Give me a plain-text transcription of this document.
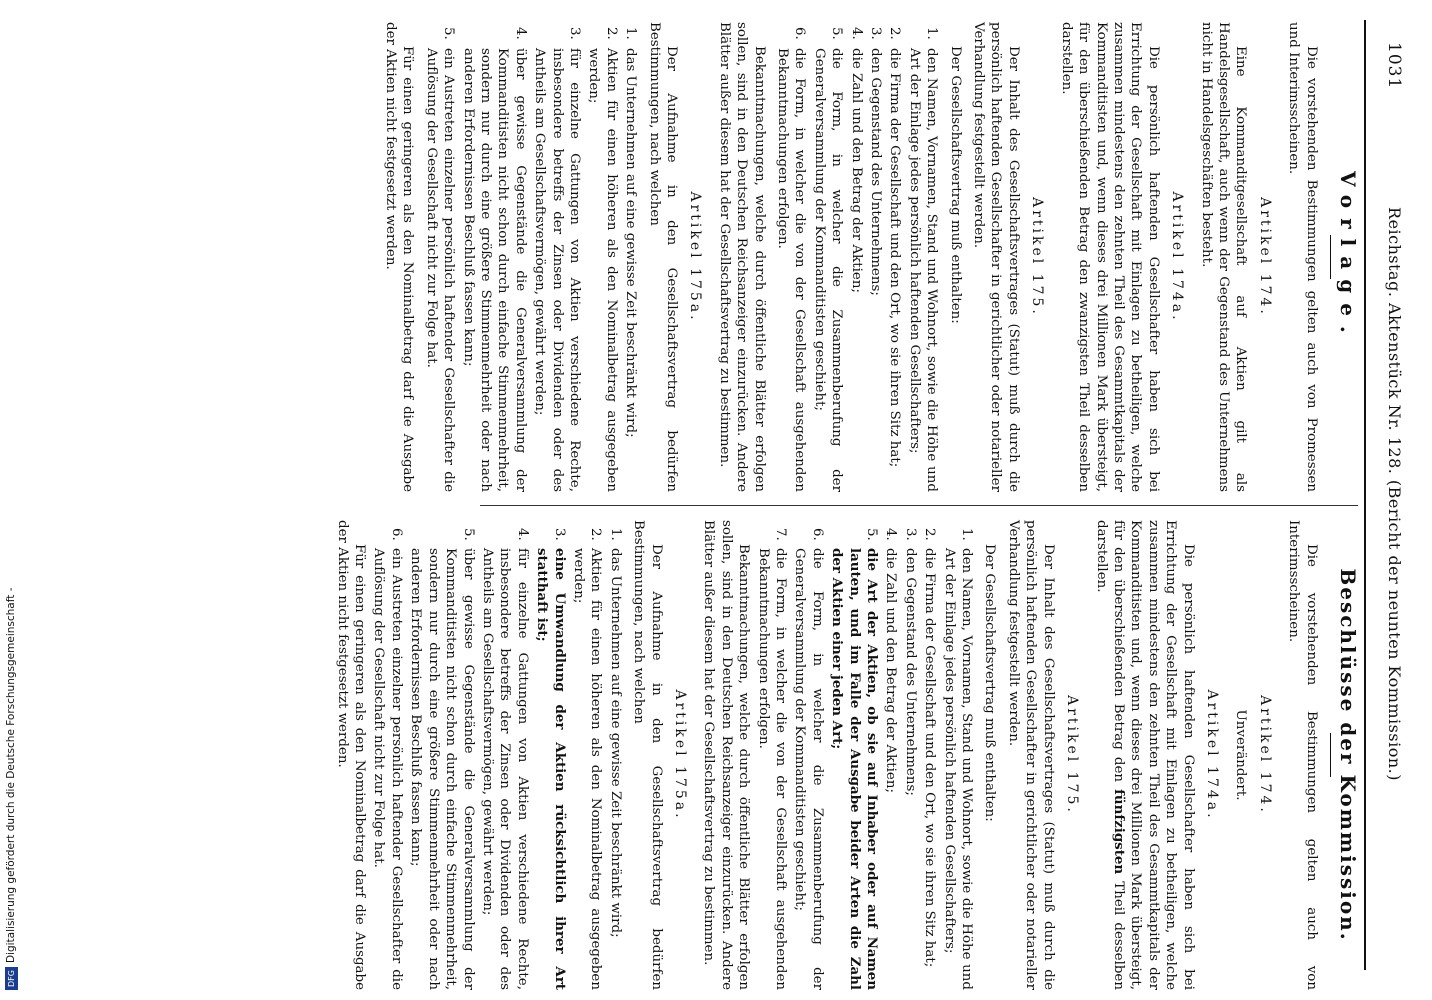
1031
Reichstag. Aktenstück Nr. 128. (Bericht der neunten Kommission.)
Vorlage.

Die vorstehenden Bestimmungen gelten auch von Promessen und Interimsscheinen.

Artikel 174.

Eine Kommanditgesellschaft auf Aktien gilt als Handelsgesellschaft, auch wenn der Gegenstand des Unternehmens nicht in Handelsgeschäften besteht.

Artikel 174a.

Die persönlich haftenden Gesellschafter haben sich bei Errichtung der Gesellschaft mit Einlagen zu betheiligen, welche zusammen mindestens den zehnten Theil des Gesammtkapitals der Kommanditisten und, wenn dieses drei Millionen Mark übersteigt, für den überschießenden Betrag den zwanzigsten Theil desselben darstellen.

Artikel 175.

Der Inhalt des Gesellschaftsvertrages (Statut) muß durch die persönlich haftenden Gesellschafter in gerichtlicher oder notarieller Verhandlung festgestellt werden.

Der Gesellschaftsvertrag muß enthalten:

1. den Namen, Vornamen, Stand und Wohnort, sowie die Höhe und Art der Einlage jedes persönlich haftenden Gesellschafters;
2. die Firma der Gesellschaft und den Ort, wo sie ihren Sitz hat;
3. den Gegenstand des Unternehmens;
4. die Zahl und den Betrag der Aktien;
5. die Form, in welcher die Zusammenberufung der Generalversammlung der Kommanditisten geschieht;
6. die Form, in welcher die von der Gesellschaft ausgehenden Bekanntmachungen erfolgen.

Bekanntmachungen, welche durch öffentliche Blätter erfolgen sollen, sind in den Deutschen Reichsanzeiger einzurücken. Andere Blätter außer diesem hat der Gesellschaftsvertrag zu bestimmen.

Artikel 175a.

Der Aufnahme in den Gesellschaftsvertrag bedürfen Bestimmungen, nach welchen

1. das Unternehmen auf eine gewisse Zeit beschränkt wird;
2. Aktien für einen höheren als den Nominalbetrag ausgegeben werden;
3. für einzelne Gattungen von Aktien verschiedene Rechte, insbesondere betreffs der Zinsen oder Dividenden oder des Antheils am Gesellschaftsvermögen, gewährt werden;
4. über gewisse Gegenstände die Generalversammlung der Kommanditisten nicht schon durch einfache Stimmenmehrheit, sondern nur durch eine größere Stimmenmehrheit oder nach anderen Erfordernissen Beschluß fassen kann;
5. ein Austreten einzelner persönlich haftender Gesellschafter die Auflösung der Gesellschaft nicht zur Folge hat.

Für einen geringeren als den Nominalbetrag darf die Ausgabe der Aktien nicht festgesetzt werden.

Beschlüsse der Kommission.

Die vorstehenden Bestimmungen gelten auch von Interimsscheinen.

Artikel 174.
Unverändert.
Artikel 174a.

Die persönlich haftenden Gesellschafter haben sich bei Errichtung der Gesellschaft mit Einlagen zu betheiligen, welche zusammen mindestens den zehnten Theil des Gesammtkapitals der Kommanditisten und, wenn dieses drei Millionen Mark übersteigt, für den überschießenden Betrag den fünfzigsten Theil desselben darstellen.

Artikel 175.

Der Inhalt des Gesellschaftsvertrages (Statut) muß durch die persönlich haftenden Gesellschafter in gerichtlicher oder notarieller Verhandlung festgestellt werden.

Der Gesellschaftsvertrag muß enthalten:

1.
den Namen, Vornamen, Stand und Wohnort, sowie die Höhe und Art der Einlage jedes persönlich haftenden Gesellschafters;
2.
die Firma der Gesellschaft und den Ort, wo sie ihren Sitz hat;
3.
den Gegenstand des Unternehmens;
4.
die Zahl und den Betrag der Aktien;
5.
die Art der Aktien, ob sie auf Inhaber oder auf Namen lauten, und im Falle der Ausgabe beider Arten die Zahl der Aktien einer jeden Art;
6.
die Form, in welcher die Zusammenberufung der Generalversammlung der Kommanditisten geschieht;
7.
die Form, in welcher die von der Gesellschaft ausgehenden Bekanntmachungen erfolgen.

Bekanntmachungen, welche durch öffentliche Blätter erfolgen sollen, sind in den Deutschen Reichsanzeiger einzurücken. Andere Blätter außer diesem hat der Gesellschaftsvertrag zu bestimmen.

Artikel 175a.

Der Aufnahme in den Gesellschaftsvertrag bedürfen Bestimmungen, nach welchen

1.
das Unternehmen auf eine gewisse Zeit beschränkt wird;
2.
Aktien für einen höheren als den Nominalbetrag ausgegeben werden;
3.
eine Umwandlung der Aktien rücksichtlich ihrer Art statthaft ist;
4.
für einzelne Gattungen von Aktien verschiedene Rechte, insbesondere betreffs der Zinsen oder Dividenden oder des Antheils am Gesellschaftsvermögen, gewährt werden;
5.
über gewisse Gegenstände die Generalversammlung der Kommanditisten nicht schon durch einfache Stimmenmehrheit, sondern nur durch eine größere Stimmenmehrheit oder nach anderen Erfordernissen Beschluß fassen kann;
6.
ein Austreten einzelner persönlich haftender Gesellschafter die Auflösung der Gesellschaft nicht zur Folge hat.

Für einen geringeren als den Nominalbetrag darf die Ausgabe der Aktien nicht festgesetzt werden.

DFGDigitalisierung gefördert durch die Deutsche Forschungsgemeinschaft -
